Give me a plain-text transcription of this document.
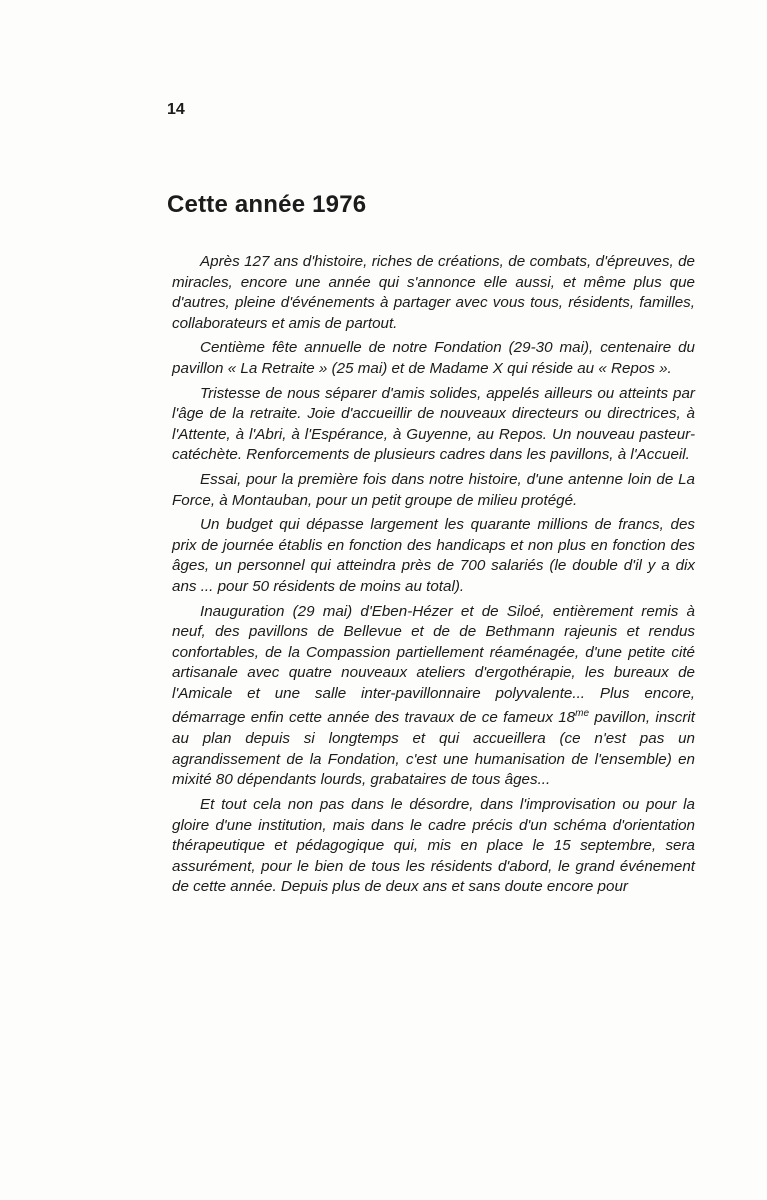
14
Cette année 1976

Après 127 ans d'histoire, riches de créations, de combats, d'épreuves, de miracles, encore une année qui s'annonce elle aussi, et même plus que d'autres, pleine d'événements à partager avec vous tous, résidents, familles, collaborateurs et amis de partout.

Centième fête annuelle de notre Fondation (29-30 mai), centenaire du pavillon « La Retraite » (25 mai) et de Madame X qui réside au « Repos ».

Tristesse de nous séparer d'amis solides, appelés ailleurs ou atteints par l'âge de la retraite. Joie d'accueillir de nouveaux directeurs ou directrices, à l'Attente, à l'Abri, à l'Espérance, à Guyenne, au Repos. Un nouveau pasteur-catéchète. Renforcements de plusieurs cadres dans les pavillons, à l'Accueil.

Essai, pour la première fois dans notre histoire, d'une antenne loin de La Force, à Montauban, pour un petit groupe de milieu protégé.

Un budget qui dépasse largement les quarante millions de francs, des prix de journée établis en fonction des handicaps et non plus en fonction des âges, un personnel qui atteindra près de 700 salariés (le double d'il y a dix ans ... pour 50 résidents de moins au total).

Inauguration (29 mai) d'Eben-Hézer et de Siloé, entièrement remis à neuf, des pavillons de Bellevue et de de Bethmann rajeunis et rendus confortables, de la Compassion partiellement réaménagée, d'une petite cité artisanale avec quatre nouveaux ateliers d'ergothérapie, les bureaux de l'Amicale et une salle inter-pavillonnaire polyvalente... Plus encore, démarrage enfin cette année des travaux de ce fameux $18^{me}$ pavillon, inscrit au plan depuis si longtemps et qui accueillera (ce n'est pas un agrandissement de la Fondation, c'est une humanisation de l'ensemble) en mixité 80 dépendants lourds, grabataires de tous âges...

Et tout cela non pas dans le désordre, dans l'improvisation ou pour la gloire d'une institution, mais dans le cadre précis d'un schéma d'orientation thérapeutique et pédagogique qui, mis en place le 15 septembre, sera assurément, pour le bien de tous les résidents d'abord, le grand événement de cette année. Depuis plus de deux ans et sans doute encore pour
